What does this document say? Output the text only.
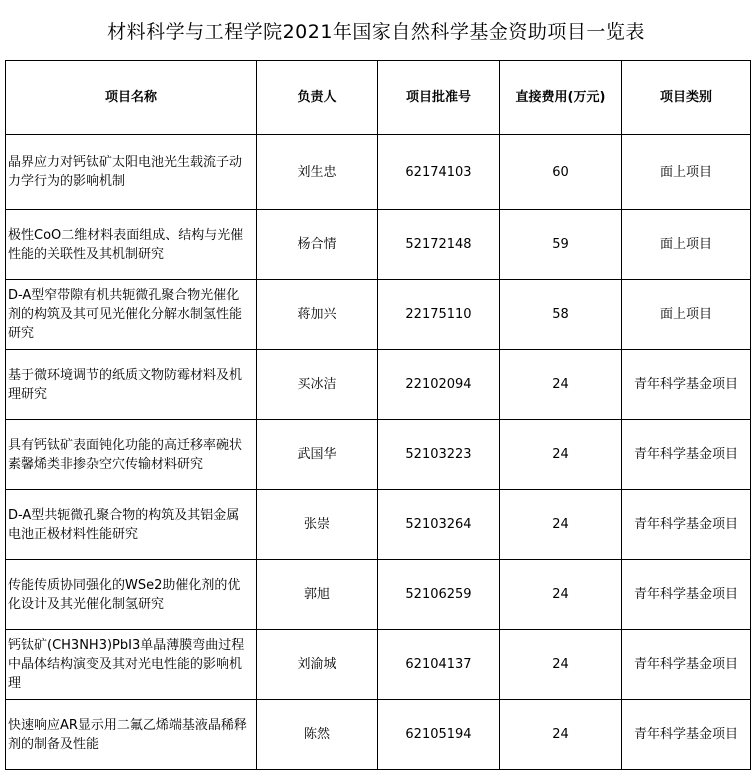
材料科学与工程学院2021年国家自然科学基金资助项目一览表
项目名称	负责人	项目批准号	直接费用(万元)	项目类别
晶界应力对钙钛矿太阳电池光生载流子动力学行为的影响机制	刘生忠	62174103	60	面上项目
极性CoO二维材料表面组成、结构与光催性能的关联性及其机制研究	杨合情	52172148	59	面上项目
D-A型窄带隙有机共轭微孔聚合物光催化剂的构筑及其可见光催化分解水制氢性能研究	蒋加兴	22175110	58	面上项目
基于微环境调节的纸质文物防霉材料及机理研究	买冰洁	22102094	24	青年科学基金项目
具有钙钛矿表面钝化功能的高迁移率碗状素馨烯类非掺杂空穴传输材料研究	武国华	52103223	24	青年科学基金项目
D-A型共轭微孔聚合物的构筑及其铝金属电池正极材料性能研究	张崇	52103264	24	青年科学基金项目
传能传质协同强化的WSe2助催化剂的优化设计及其光催化制氢研究	郭旭	52106259	24	青年科学基金项目
钙钛矿(CH3NH3)PbI3单晶薄膜弯曲过程中晶体结构演变及其对光电性能的影响机理	刘渝城	62104137	24	青年科学基金项目
快速响应AR显示用二氟乙烯端基液晶稀释剂的制备及性能	陈然	62105194	24	青年科学基金项目
